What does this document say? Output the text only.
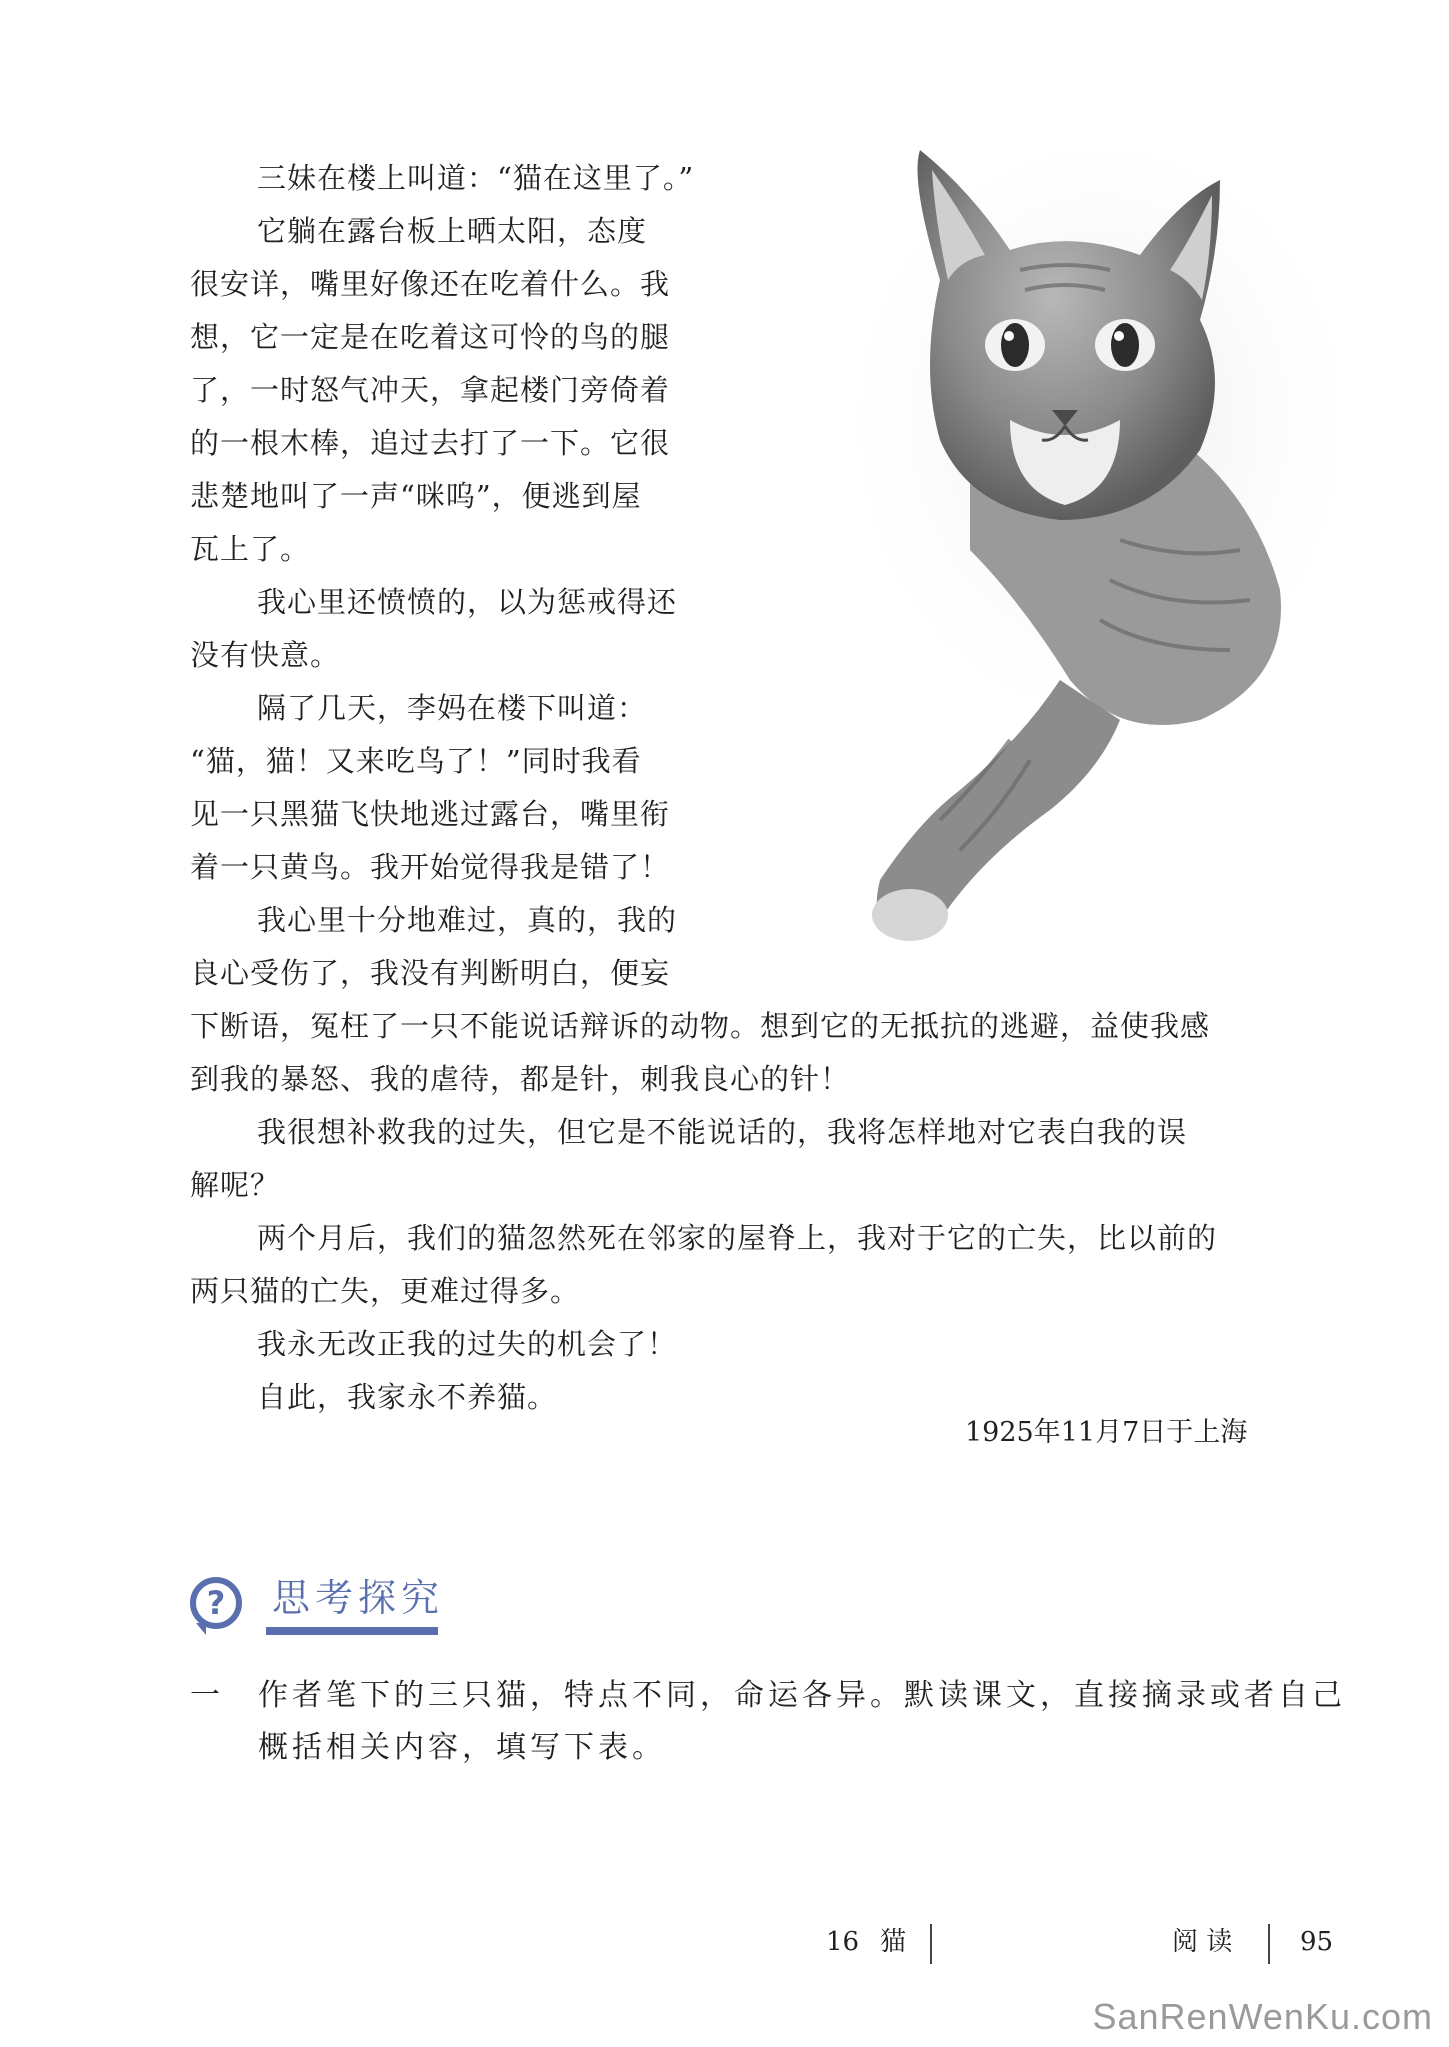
三妹在楼上叫道：“猫在这里了。”
它躺在露台板上晒太阳，态度
很安详，嘴里好像还在吃着什么。我
想，它一定是在吃着这可怜的鸟的腿
了，一时怒气冲天，拿起楼门旁倚着
的一根木棒，追过去打了一下。它很
悲楚地叫了一声“咪呜”，便逃到屋
瓦上了。
我心里还愤愤的，以为惩戒得还
没有快意。
隔了几天，李妈在楼下叫道：
“猫，猫！又来吃鸟了！”同时我看
见一只黑猫飞快地逃过露台，嘴里衔
着一只黄鸟。我开始觉得我是错了！
我心里十分地难过，真的，我的
良心受伤了，我没有判断明白，便妄
下断语，冤枉了一只不能说话辩诉的动物。想到它的无抵抗的逃避，益使我感
到我的暴怒、我的虐待，都是针，刺我良心的针！
我很想补救我的过失，但它是不能说话的，我将怎样地对它表白我的误
解呢？
两个月后，我们的猫忽然死在邻家的屋脊上，我对于它的亡失，比以前的
两只猫的亡失，更难过得多。
我永无改正我的过失的机会了！
自此，我家永不养猫。
1925年11月7日于上海
?	思考探究
一 作者笔下的三只猫，特点不同，命运各异。默读课文，直接摘录或者自己
概括相关内容，填写下表。
16 猫	阅 读	95
SanRenWenKu.com
